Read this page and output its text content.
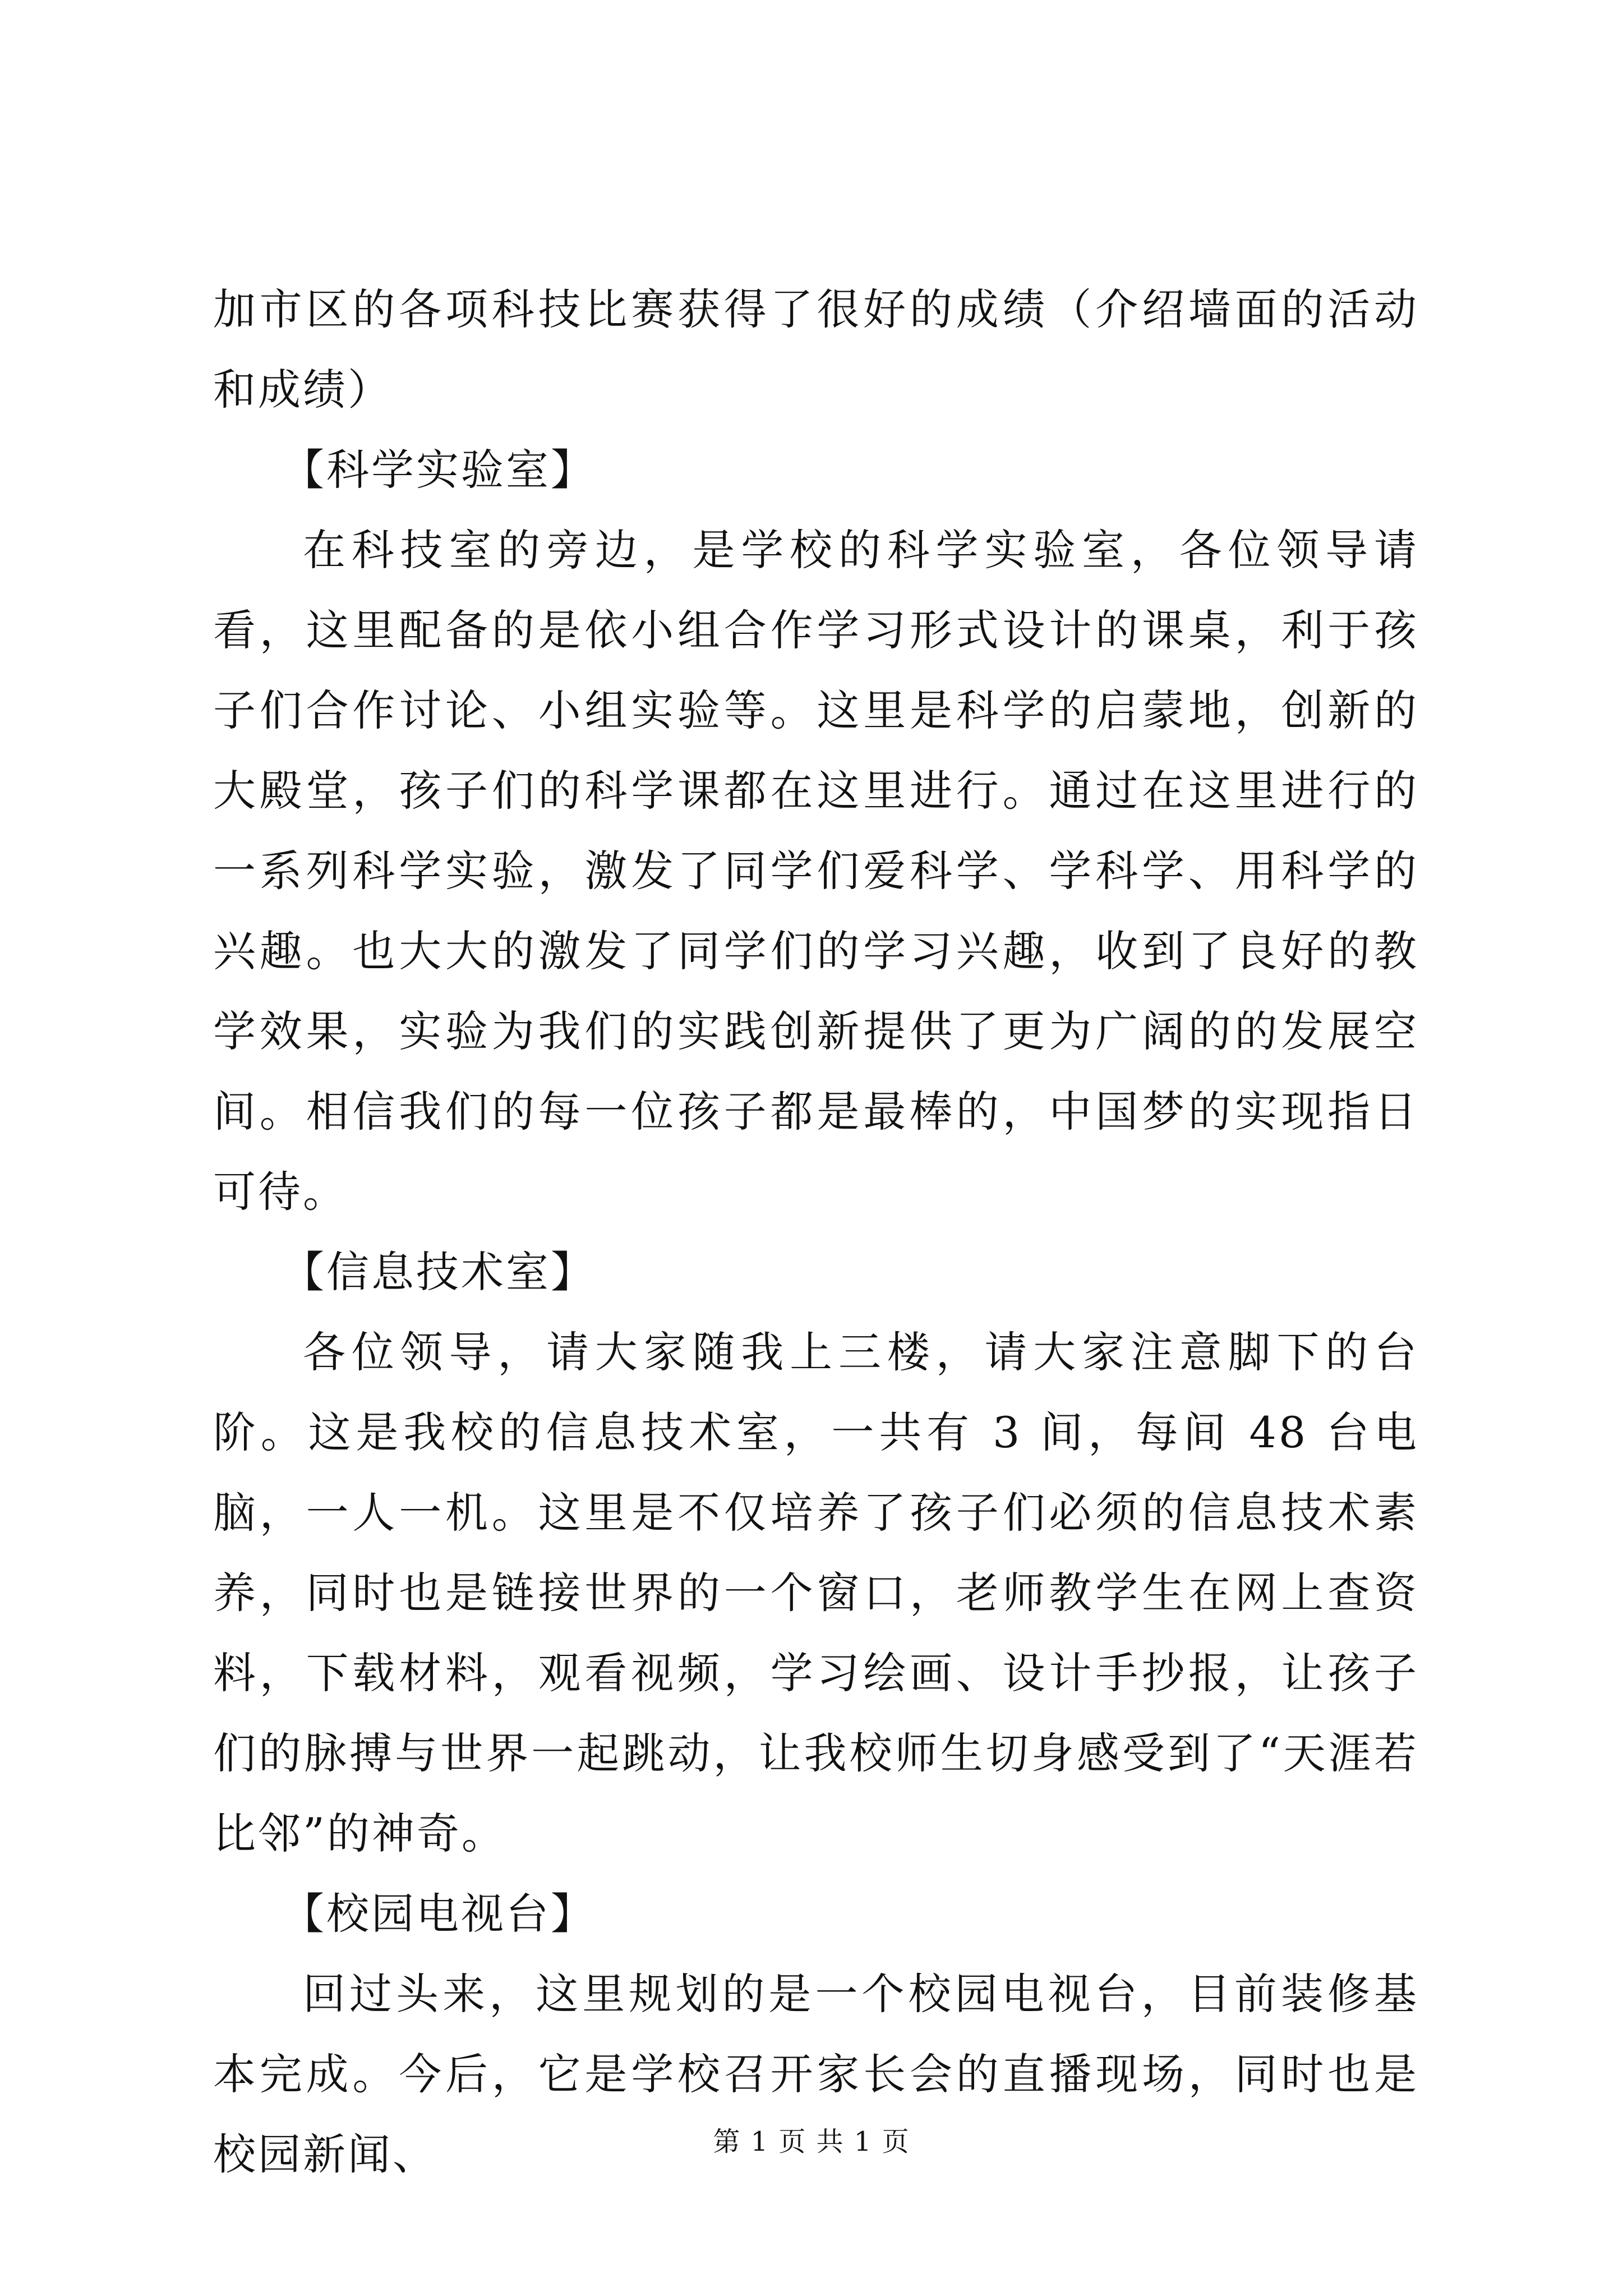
加市区的各项科技比赛获得了很好的成绩（介绍墙面的活动和成绩）

【科学实验室】

在科技室的旁边，是学校的科学实验室，各位领导请看，这里配备的是依小组合作学习形式设计的课桌，利于孩子们合作讨论、小组实验等。这里是科学的启蒙地，创新的大殿堂，孩子们的科学课都在这里进行。通过在这里进行的一系列科学实验，激发了同学们爱科学、学科学、用科学的兴趣。也大大的激发了同学们的学习兴趣，收到了良好的教学效果，实验为我们的实践创新提供了更为广阔的的发展空间。相信我们的每一位孩子都是最棒的，中国梦的实现指日可待。

【信息技术室】

各位领导，请大家随我上三楼，请大家注意脚下的台阶。这是我校的信息技术室，一共有 3 间，每间 48 台电脑，一人一机。这里是不仅培养了孩子们必须的信息技术素养，同时也是链接世界的一个窗口，老师教学生在网上查资料，下载材料，观看视频，学习绘画、设计手抄报，让孩子们的脉搏与世界一起跳动，让我校师生切身感受到了“天涯若比邻”的神奇。

【校园电视台】

回过头来，这里规划的是一个校园电视台，目前装修基本完成。今后，它是学校召开家长会的直播现场，同时也是校园新闻、	第 1 页 共 1 页
